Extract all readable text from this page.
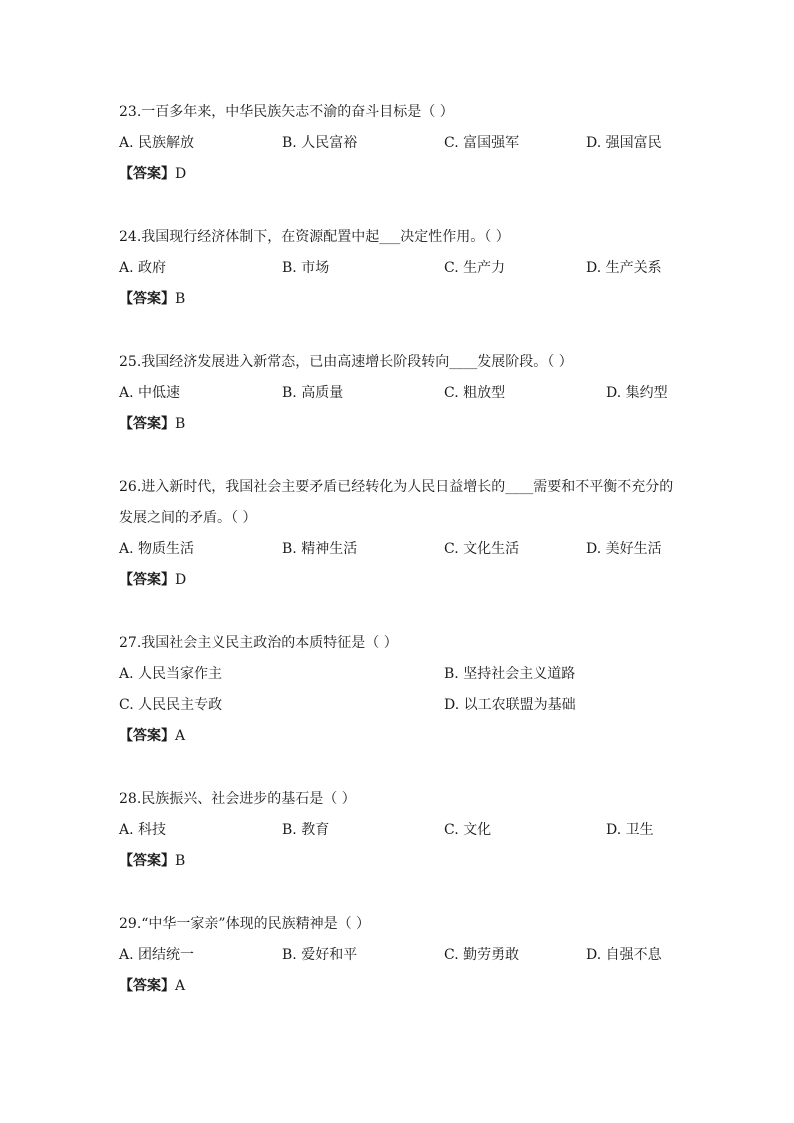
23.一百多年来，中华民族矢志不渝的奋斗目标是（ ）
A. 民族解放	B. 人民富裕	C. 富国强军	D. 强国富民
【答案】D
24.我国现行经济体制下，在资源配置中起___决定性作用。（ ）
A. 政府	B. 市场	C. 生产力	D. 生产关系
【答案】B
25.我国经济发展进入新常态，已由高速增长阶段转向____发展阶段。（ ）
A. 中低速	B. 高质量	C. 粗放型	D. 集约型
【答案】B
26.进入新时代，我国社会主要矛盾已经转化为人民日益增长的____需要和不平衡不充分的
发展之间的矛盾。（ ）
A. 物质生活	B. 精神生活	C. 文化生活	D. 美好生活
【答案】D
27.我国社会主义民主政治的本质特征是（ ）
A. 人民当家作主	B. 坚持社会主义道路
C. 人民民主专政	D. 以工农联盟为基础
【答案】A
28.民族振兴、社会进步的基石是（ ）
A. 科技	B. 教育	C. 文化	D. 卫生
【答案】B
29.“中华一家亲”体现的民族精神是（ ）
A. 团结统一	B. 爱好和平	C. 勤劳勇敢	D. 自强不息
【答案】A
